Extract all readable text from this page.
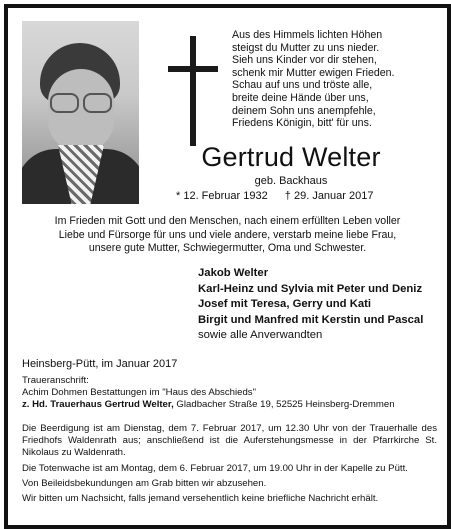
Aus des Himmels lichten Höhen
steigst du Mutter zu uns nieder.
Sieh uns Kinder vor dir stehen,
schenk mir Mutter ewigen Frieden.
Schau auf uns und tröste alle,
breite deine Hände über uns,
deinem Sohn uns anempfehle,
Friedens Königin, bitt' für uns.
Gertrud Welter
geb. Backhaus
* 12. Februar 1932 † 29. Januar 2017
Im Frieden mit Gott und den Menschen, nach einem erfüllten Leben voller
Liebe und Fürsorge für uns und viele andere, verstarb meine liebe Frau,
unsere gute Mutter, Schwiegermutter, Oma und Schwester.
Jakob Welter
Karl-Heinz und Sylvia mit Peter und Deniz
Josef mit Teresa, Gerry und Kati
Birgit und Manfred mit Kerstin und Pascal
sowie alle Anverwandten
Heinsberg-Pütt, im Januar 2017
Traueranschrift:
Achim Dohmen Bestattungen im "Haus des Abschieds"
z. Hd. Trauerhaus Gertrud Welter, Gladbacher Straße 19, 52525 Heinsberg-Dremmen

Die Beerdigung ist am Dienstag, dem 7. Februar 2017, um 12.30 Uhr von der Trauerhalle des Friedhofs Waldenrath aus; anschließend ist die Auferstehungsmesse in der Pfarrkirche St. Nikolaus zu Waldenrath.

Die Totenwache ist am Montag, dem 6. Februar 2017, um 19.00 Uhr in der Kapelle zu Pütt.

Von Beileidsbekundungen am Grab bitten wir abzusehen.

Wir bitten um Nachsicht, falls jemand versehentlich keine briefliche Nachricht erhält.
